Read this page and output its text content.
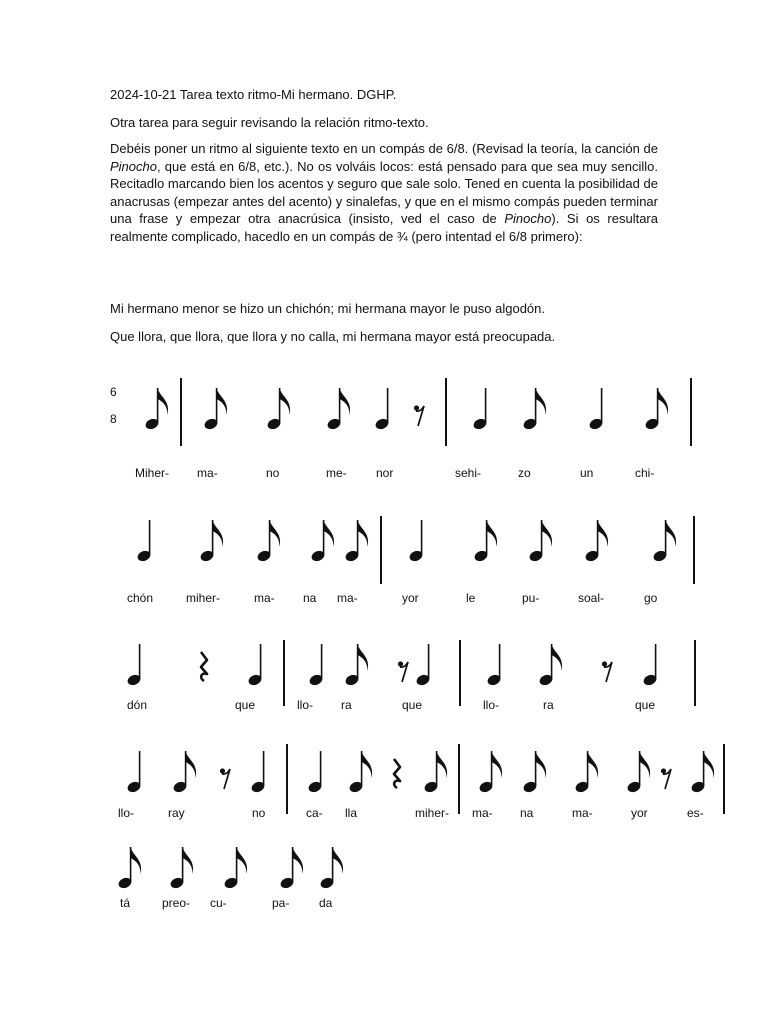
2024-10-21 Tarea texto ritmo-Mi hermano. DGHP.
Otra tarea para seguir revisando la relación ritmo-texto.
Debéis poner un ritmo al siguiente texto en un compás de 6/8. (Revisad la teoría, la canción de Pinocho, que está en 6/8, etc.). No os volváis locos: está pensado para que sea muy sencillo. Recitadlo marcando bien los acentos y seguro que sale solo. Tened en cuenta la posibilidad de anacrusas (empezar antes del acento) y sinalefas, y que en el mismo compás pueden terminar una frase y empezar otra anacrúsica (insisto, ved el caso de Pinocho). Si os resultara realmente complicado, hacedlo en un compás de ¾ (pero intentad el 6/8 primero):
Mi hermano menor se hizo un chichón; mi hermana mayor le puso algodón.
Que llora, que llora, que llora y no calla, mi hermana mayor está preocupada.
6
8
Miher- ma-	no	me- nor	sehi-	zo	un	chi-
chón	miher-	ma- na ma-	yor	le	pu-	soal-	go
dón	que	llo- ra	que	llo-	ra	que
llo-	ray	no	ca- lla	miher- ma- na	ma-	yor	es-
tá	preo- cu-	pa- da
